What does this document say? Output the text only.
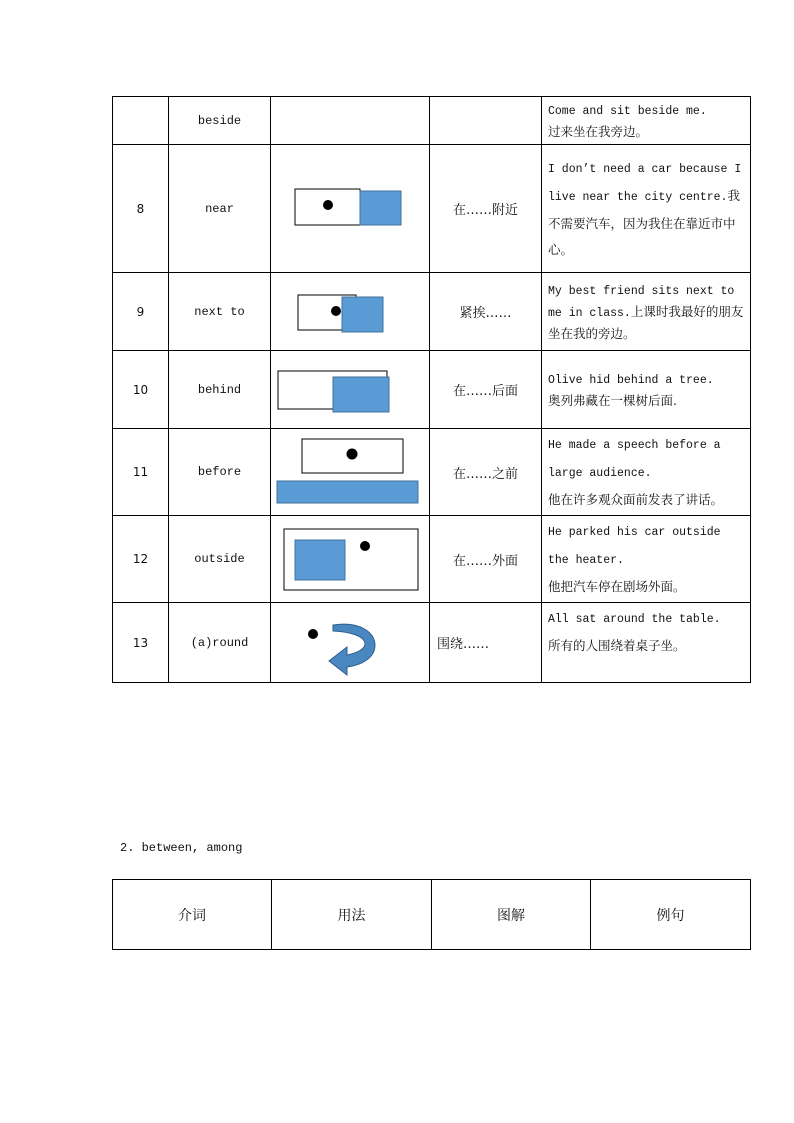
	beside			Come and sit beside me.
过来坐在我旁边。
8	near		在……附近	I don’t need a car because I live near the city centre.我不需要汽车，因为我住在靠近市中心。
9	next to		紧挨……	My best friend sits next to me in class.上课时我最好的朋友坐在我的旁边。
10	behind		在……后面	Olive hid behind a tree.
奥列弗藏在一棵树后面.
11	before		在……之前	He made a speech before a large audience.
他在许多观众面前发表了讲话。
12	outside		在……外面	He parked his car outside the heater.
他把汽车停在剧场外面。
13	(a)round		围绕……	All sat around the table.
所有的人围绕着桌子坐。
2. between, among
介词	用法	图解	例句
